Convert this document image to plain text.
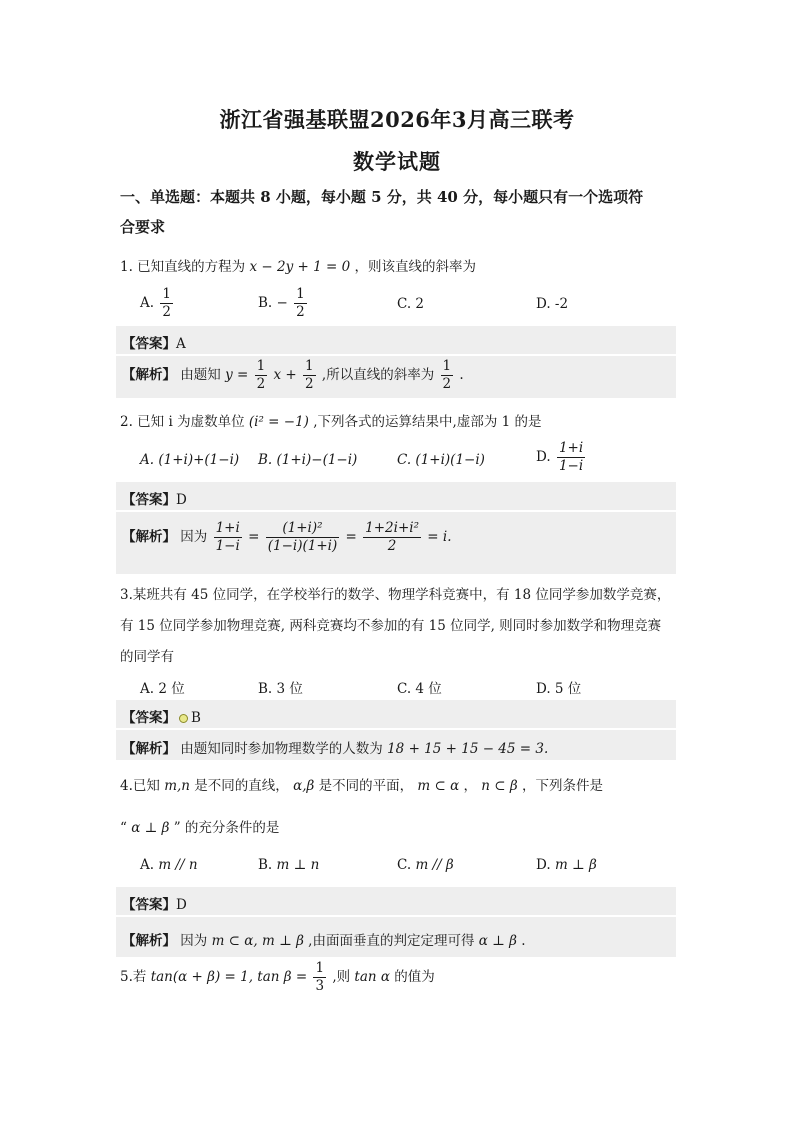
浙江省强基联盟2026年3月高三联考
数学试题
一、单选题：本题共 8 小题，每小题 5 分，共 40 分，每小题只有一个选项符
合要求
1. 已知直线的方程为 x − 2y + 1 = 0 ，则该直线的斜率为
A. $\frac{1}{2}$	B. − $\frac{1}{2}$	C. 2	D. -2
【答案】A
【解析】 由题知 $y = \frac{1}{2}$ $x + \frac{1}{2}$ ,所以直线的斜率为 $\frac{1}{2}$ .
2. 已知 i 为虚数单位 (i² = −1) ,下列各式的运算结果中,虚部为 1 的是
A. (1+i)+(1−i) B. (1+i)−(1−i)	C. (1+i)(1−i)	D. $\frac{1+i}{1-i}$
【答案】D
【解析】 因为 $\frac{1+i}{1-i} = \frac{\text{(1+i)²}}{(1-i)(1+i)} = \frac{\text{1+2i+i²}}{2} = i$.
3.某班共有 45 位同学，在学校举行的数学、物理学科竞赛中，有 18 位同学参加数学竞赛，
有 15 位同学参加物理竞赛, 两科竞赛均不参加的有 15 位同学, 则同时参加数学和物理竞赛
的同学有
A. 2 位	B. 3 位	C. 4 位	D. 5 位
【答案】 B
【解析】 由题知同时参加物理数学的人数为 18 + 15 + 15 − 45 = 3.
4.已知 m,n 是不同的直线， α,β 是不同的平面， m ⊂ α ， n ⊂ β ，下列条件是
“ α ⊥ β ” 的充分条件的是
A. m // n	B. m ⊥ n	C. m // β	D. m ⊥ β
【答案】D
【解析】 因为 m ⊂ α, m ⊥ β ,由面面垂直的判定定理可得 α ⊥ β .
5.若 tan(α + β) = 1, $\tan \beta = \frac{1}{3}$ ,则 tan α 的值为
